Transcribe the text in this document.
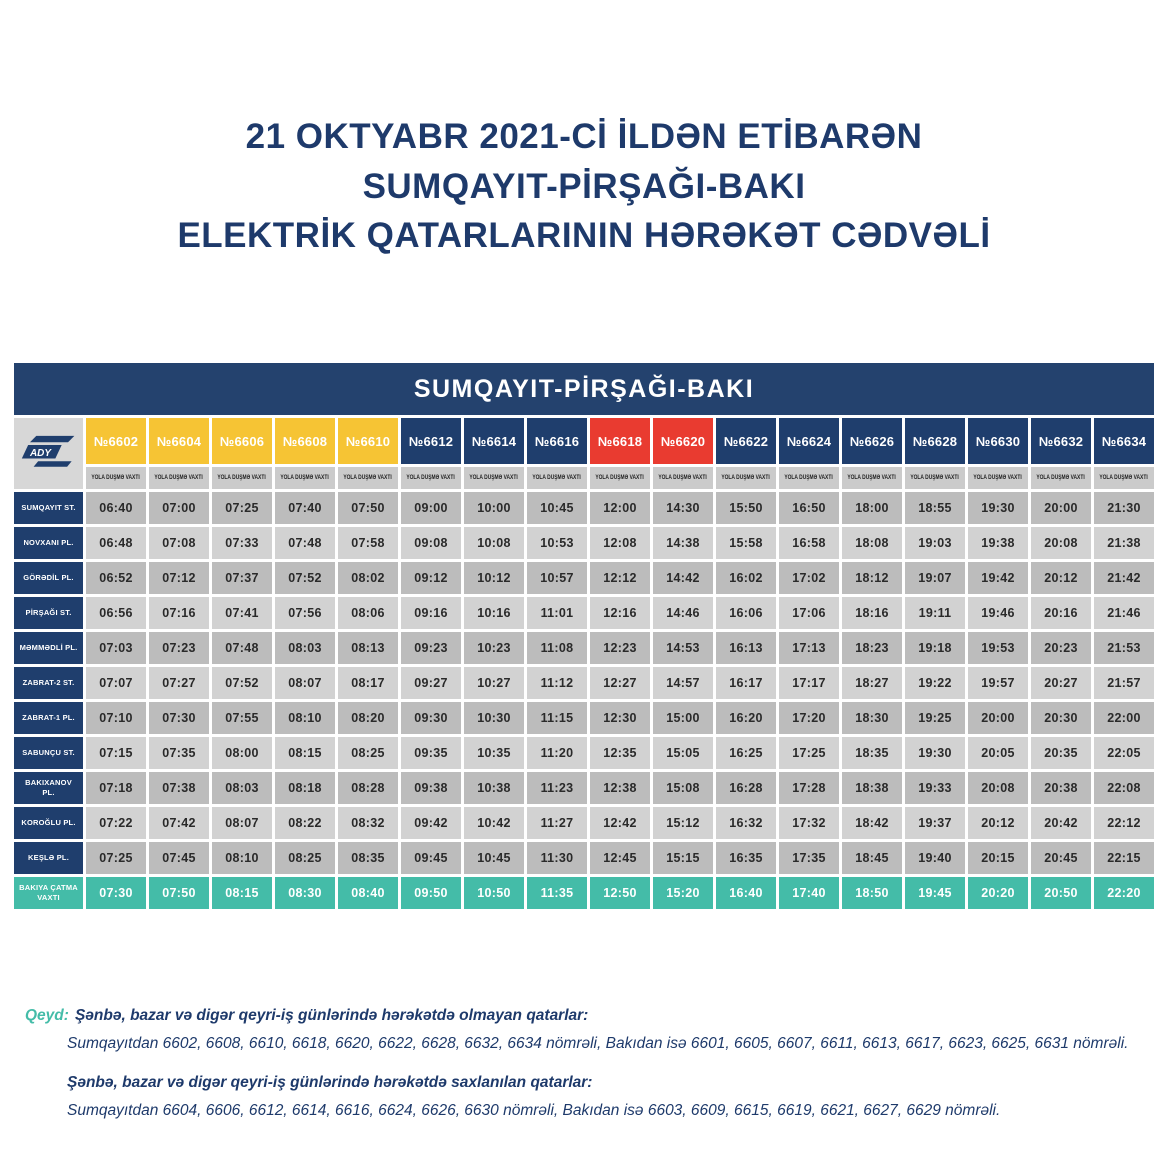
21 OKTYABR 2021-Cİ İLDƏN ETİBARƏN
SUMQAYIT-PİRŞAĞI-BAKI
ELEKTRİK QATARLARININ HƏRƏKƏT CƏDVƏLİ
SUMQAYIT-PİRŞAĞI-BAKI
ADY
№6602	№6604	№6606	№6608	№6610	№6612	№6614	№6616	№6618	№6620	№6622	№6624	№6626	№6628	№6630	№6632	№6634
YOLA DÜŞMƏ VAXTI YOLA DÜŞMƏ VAXTI YOLA DÜŞMƏ VAXTI YOLA DÜŞMƏ VAXTI YOLA DÜŞMƏ VAXTI YOLA DÜŞMƏ VAXTI YOLA DÜŞMƏ VAXTI YOLA DÜŞMƏ VAXTI YOLA DÜŞMƏ VAXTI YOLA DÜŞMƏ VAXTI YOLA DÜŞMƏ VAXTI YOLA DÜŞMƏ VAXTI YOLA DÜŞMƏ VAXTI YOLA DÜŞMƏ VAXTI YOLA DÜŞMƏ VAXTI YOLA DÜŞMƏ VAXTI YOLA DÜŞMƏ VAXTI
SUMQAYIT ST.	06:40	07:00	07:25	07:40	07:50	09:00	10:00	10:45	12:00	14:30	15:50	16:50	18:00	18:55	19:30	20:00	21:30
NOVXANI PL.	06:48	07:08	07:33	07:48	07:58	09:08	10:08	10:53	12:08	14:38	15:58	16:58	18:08	19:03	19:38	20:08	21:38
GÖRƏDİL PL.	06:52	07:12	07:37	07:52	08:02	09:12	10:12	10:57	12:12	14:42	16:02	17:02	18:12	19:07	19:42	20:12	21:42
PİRŞAĞI ST.	06:56	07:16	07:41	07:56	08:06	09:16	10:16	11:01	12:16	14:46	16:06	17:06	18:16	19:11	19:46	20:16	21:46
MƏMMƏDLİ PL.	07:03	07:23	07:48	08:03	08:13	09:23	10:23	11:08	12:23	14:53	16:13	17:13	18:23	19:18	19:53	20:23	21:53
ZABRAT-2 ST.	07:07	07:27	07:52	08:07	08:17	09:27	10:27	11:12	12:27	14:57	16:17	17:17	18:27	19:22	19:57	20:27	21:57
ZABRAT-1 PL.	07:10	07:30	07:55	08:10	08:20	09:30	10:30	11:15	12:30	15:00	16:20	17:20	18:30	19:25	20:00	20:30	22:00
SABUNÇU ST.	07:15	07:35	08:00	08:15	08:25	09:35	10:35	11:20	12:35	15:05	16:25	17:25	18:35	19:30	20:05	20:35	22:05
BAKIXANOV PL.	07:18	07:38	08:03	08:18	08:28	09:38	10:38	11:23	12:38	15:08	16:28	17:28	18:38	19:33	20:08	20:38	22:08
KOROĞLU PL.	07:22	07:42	08:07	08:22	08:32	09:42	10:42	11:27	12:42	15:12	16:32	17:32	18:42	19:37	20:12	20:42	22:12
KEŞLƏ PL.	07:25	07:45	08:10	08:25	08:35	09:45	10:45	11:30	12:45	15:15	16:35	17:35	18:45	19:40	20:15	20:45	22:15
BAKIYA ÇATMA VAXTI	07:30	07:50	08:15	08:30	08:40	09:50	10:50	11:35	12:50	15:20	16:40	17:40	18:50	19:45	20:20	20:50	22:20
Qeyd: Şənbə, bazar və digər qeyri-iş günlərində hərəkətdə olmayan qatarlar:
Sumqayıtdan 6602, 6608, 6610, 6618, 6620, 6622, 6628, 6632, 6634 nömrəli, Bakıdan isə 6601, 6605, 6607, 6611, 6613, 6617, 6623, 6625, 6631 nömrəli.
Şənbə, bazar və digər qeyri-iş günlərində hərəkətdə saxlanılan qatarlar:
Sumqayıtdan 6604, 6606, 6612, 6614, 6616, 6624, 6626, 6630 nömrəli, Bakıdan isə 6603, 6609, 6615, 6619, 6621, 6627, 6629 nömrəli.
